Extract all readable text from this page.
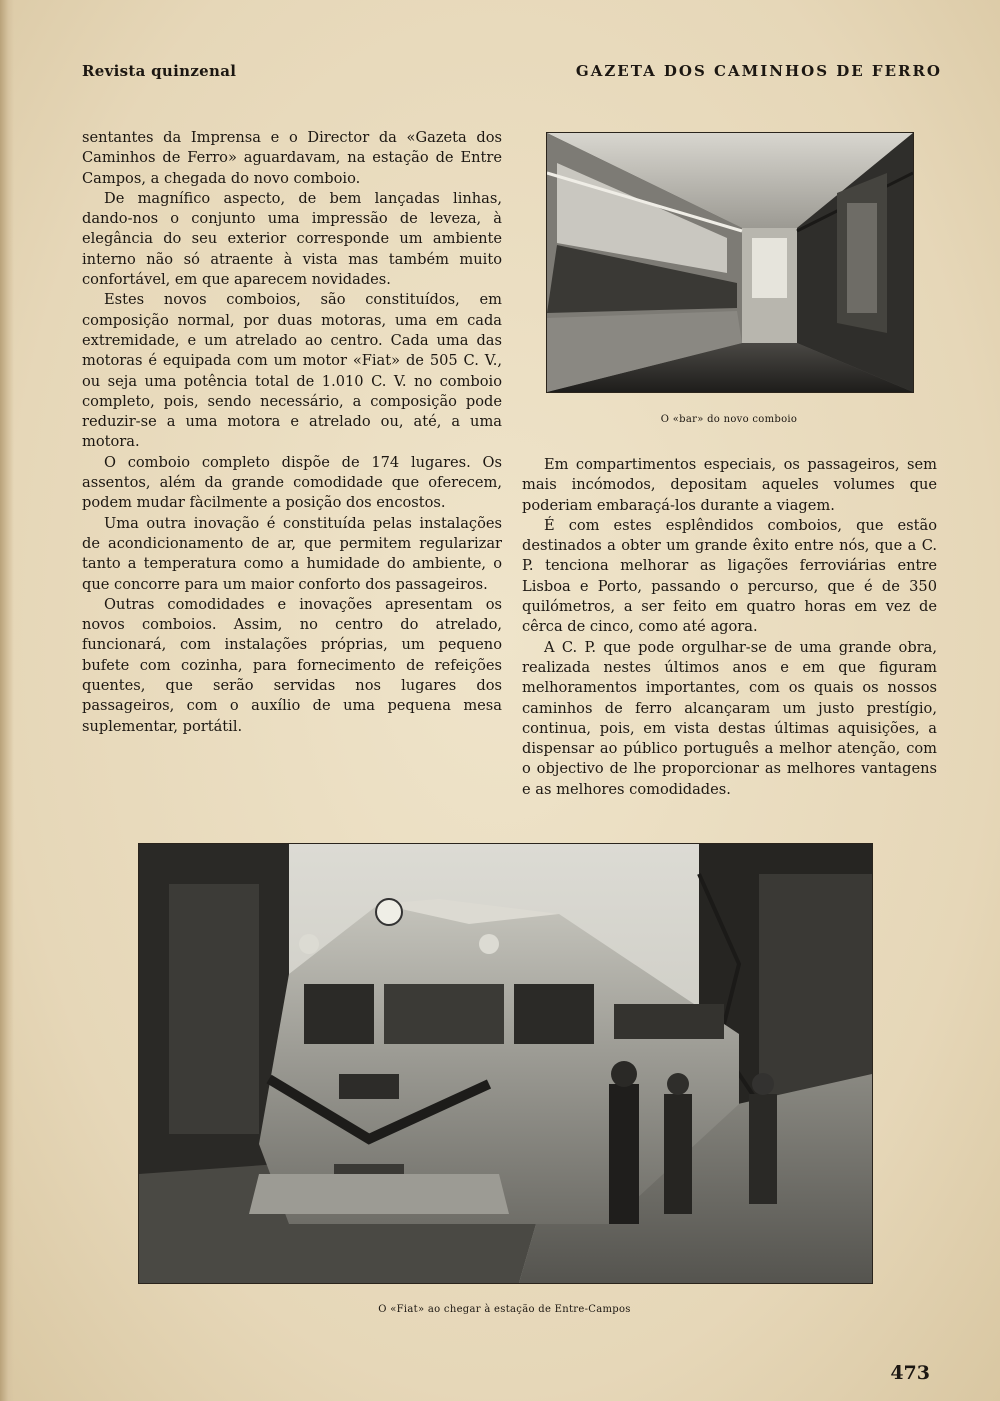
Revista quinzenal	GAZETA DOS CAMINHOS DE FERRO

sentantes da Imprensa e o Director da «Gazeta dos Caminhos de Ferro» aguardavam, na estação de Entre Campos, a chegada do novo comboio.

De magnífico aspecto, de bem lançadas linhas, dando-nos o conjunto uma impressão de leveza, à elegância do seu exterior corresponde um ambiente interno não só atraente à vista mas também muito confortável, em que aparecem novidades.

Estes novos comboios, são constituídos, em composição normal, por duas motoras, uma em cada extremidade, e um atrelado ao centro. Cada uma das motoras é equipada com um motor «Fiat» de 505 C. V., ou seja uma potência total de 1.010 C. V. no comboio completo, pois, sendo necessário, a composição pode reduzir-se a uma motora e atrelado ou, até, a uma motora.

O comboio completo dispõe de 174 lugares. Os assentos, além da grande comodidade que oferecem, podem mudar fàcilmente a posição dos encostos.

Uma outra inovação é constituída pelas instalações de acondicionamento de ar, que permitem regularizar tanto a temperatura como a humidade do ambiente, o que concorre para um maior conforto dos passageiros.

Outras comodidades e inovações apresentam os novos comboios. Assim, no centro do atrelado, funcionará, com instalações próprias, um pequeno bufete com cozinha, para fornecimento de refeições quentes, que serão servidas nos lugares dos passageiros, com o auxílio de uma pequena mesa suplementar, portátil.

O «bar» do novo comboio

Em compartimentos especiais, os passageiros, sem mais incómodos, depositam aqueles volumes que poderiam embaraçá-los durante a viagem.

É com estes esplêndidos comboios, que estão destinados a obter um grande êxito entre nós, que a C. P. tenciona melhorar as ligações ferroviárias entre Lisboa e Porto, passando o percurso, que é de 350 quilómetros, a ser feito em quatro horas em vez de cêrca de cinco, como até agora.

A C. P. que pode orgulhar-se de uma grande obra, realizada nestes últimos anos e em que figuram melhoramentos importantes, com os quais os nossos caminhos de ferro alcançaram um justo prestígio, continua, pois, em vista destas últimas aquisições, a dispensar ao público português a melhor atenção, com o objectivo de lhe proporcionar as melhores vantagens e as melhores comodidades.

O «Fiat» ao chegar à estação de Entre-Campos
473
